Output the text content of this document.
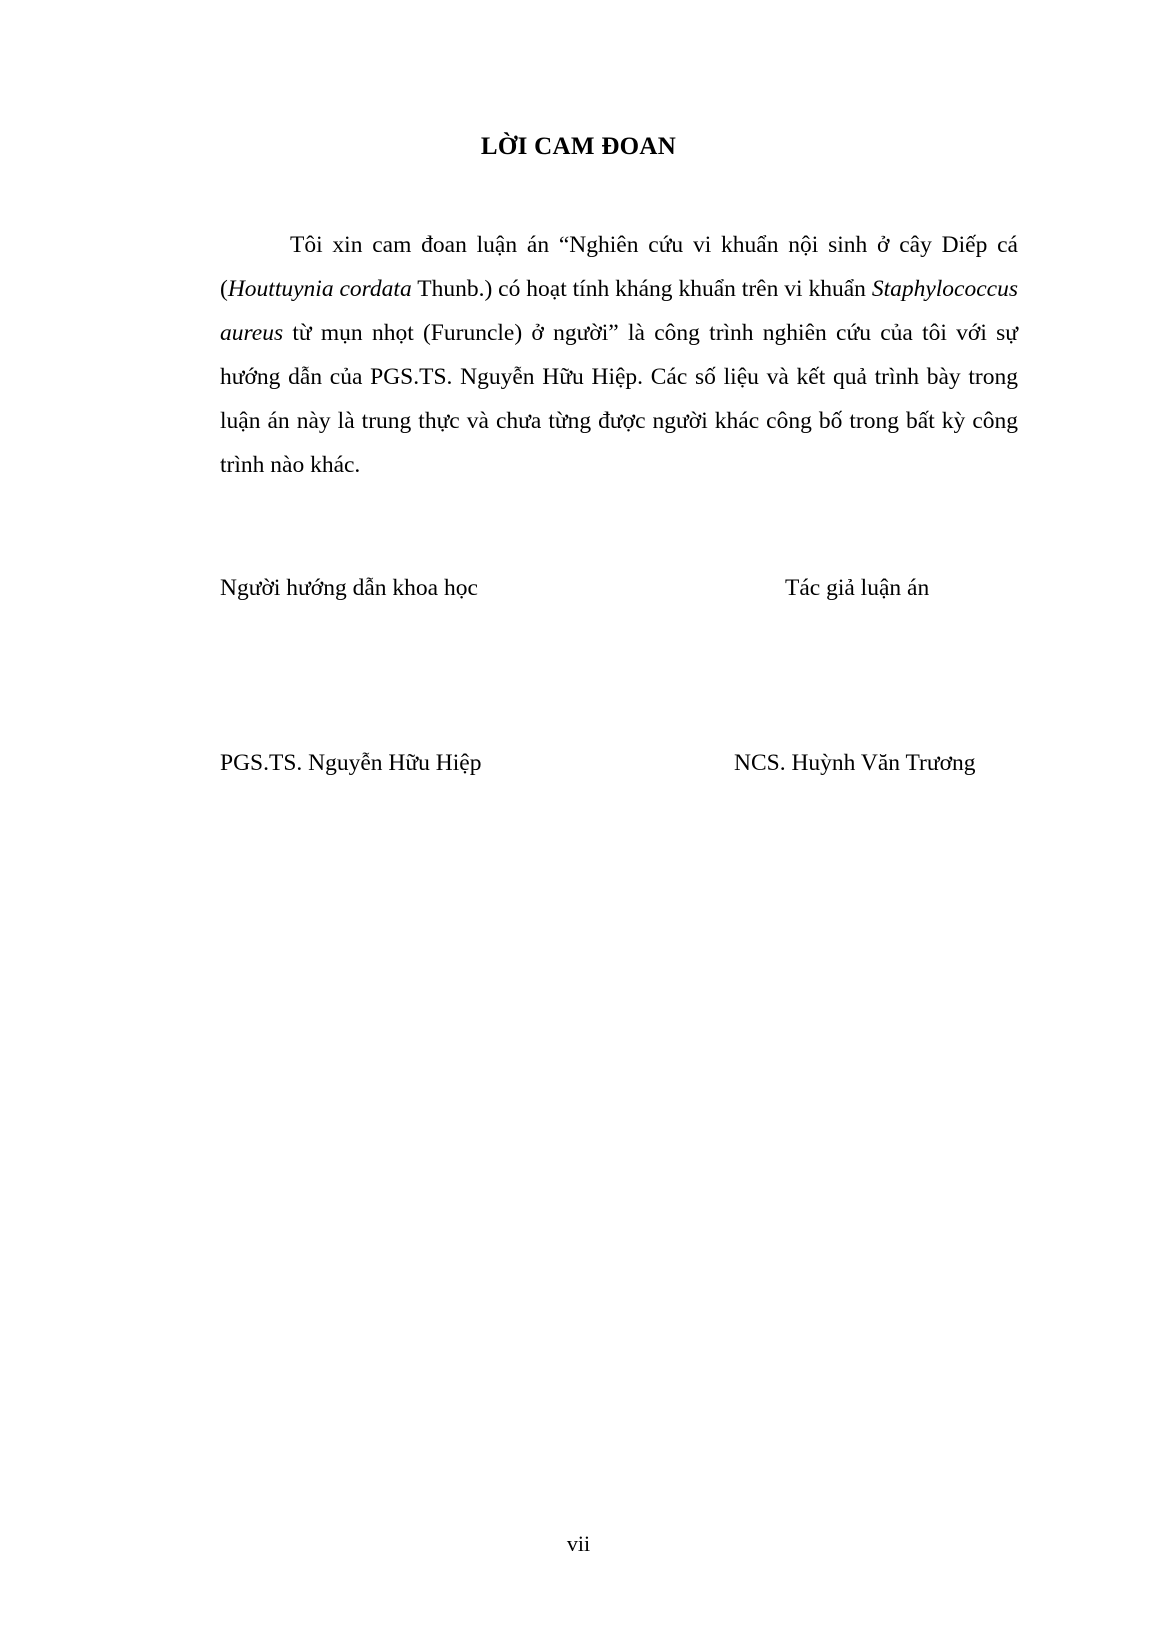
LỜI CAM ĐOAN

Tôi xin cam đoan luận án “Nghiên cứu vi khuẩn nội sinh ở cây Diếp cá (Houttuynia cordata Thunb.) có hoạt tính kháng khuẩn trên vi khuẩn Staphylococcus aureus từ mụn nhọt (Furuncle) ở người” là công trình nghiên cứu của tôi với sự hướng dẫn của PGS.TS. Nguyễn Hữu Hiệp. Các số liệu và kết quả trình bày trong luận án này là trung thực và chưa từng được người khác công bố trong bất kỳ công trình nào khác.

Người hướng dẫn khoa học	Tác giả luận án
PGS.TS. Nguyễn Hữu Hiệp	NCS. Huỳnh Văn Trương
vii
